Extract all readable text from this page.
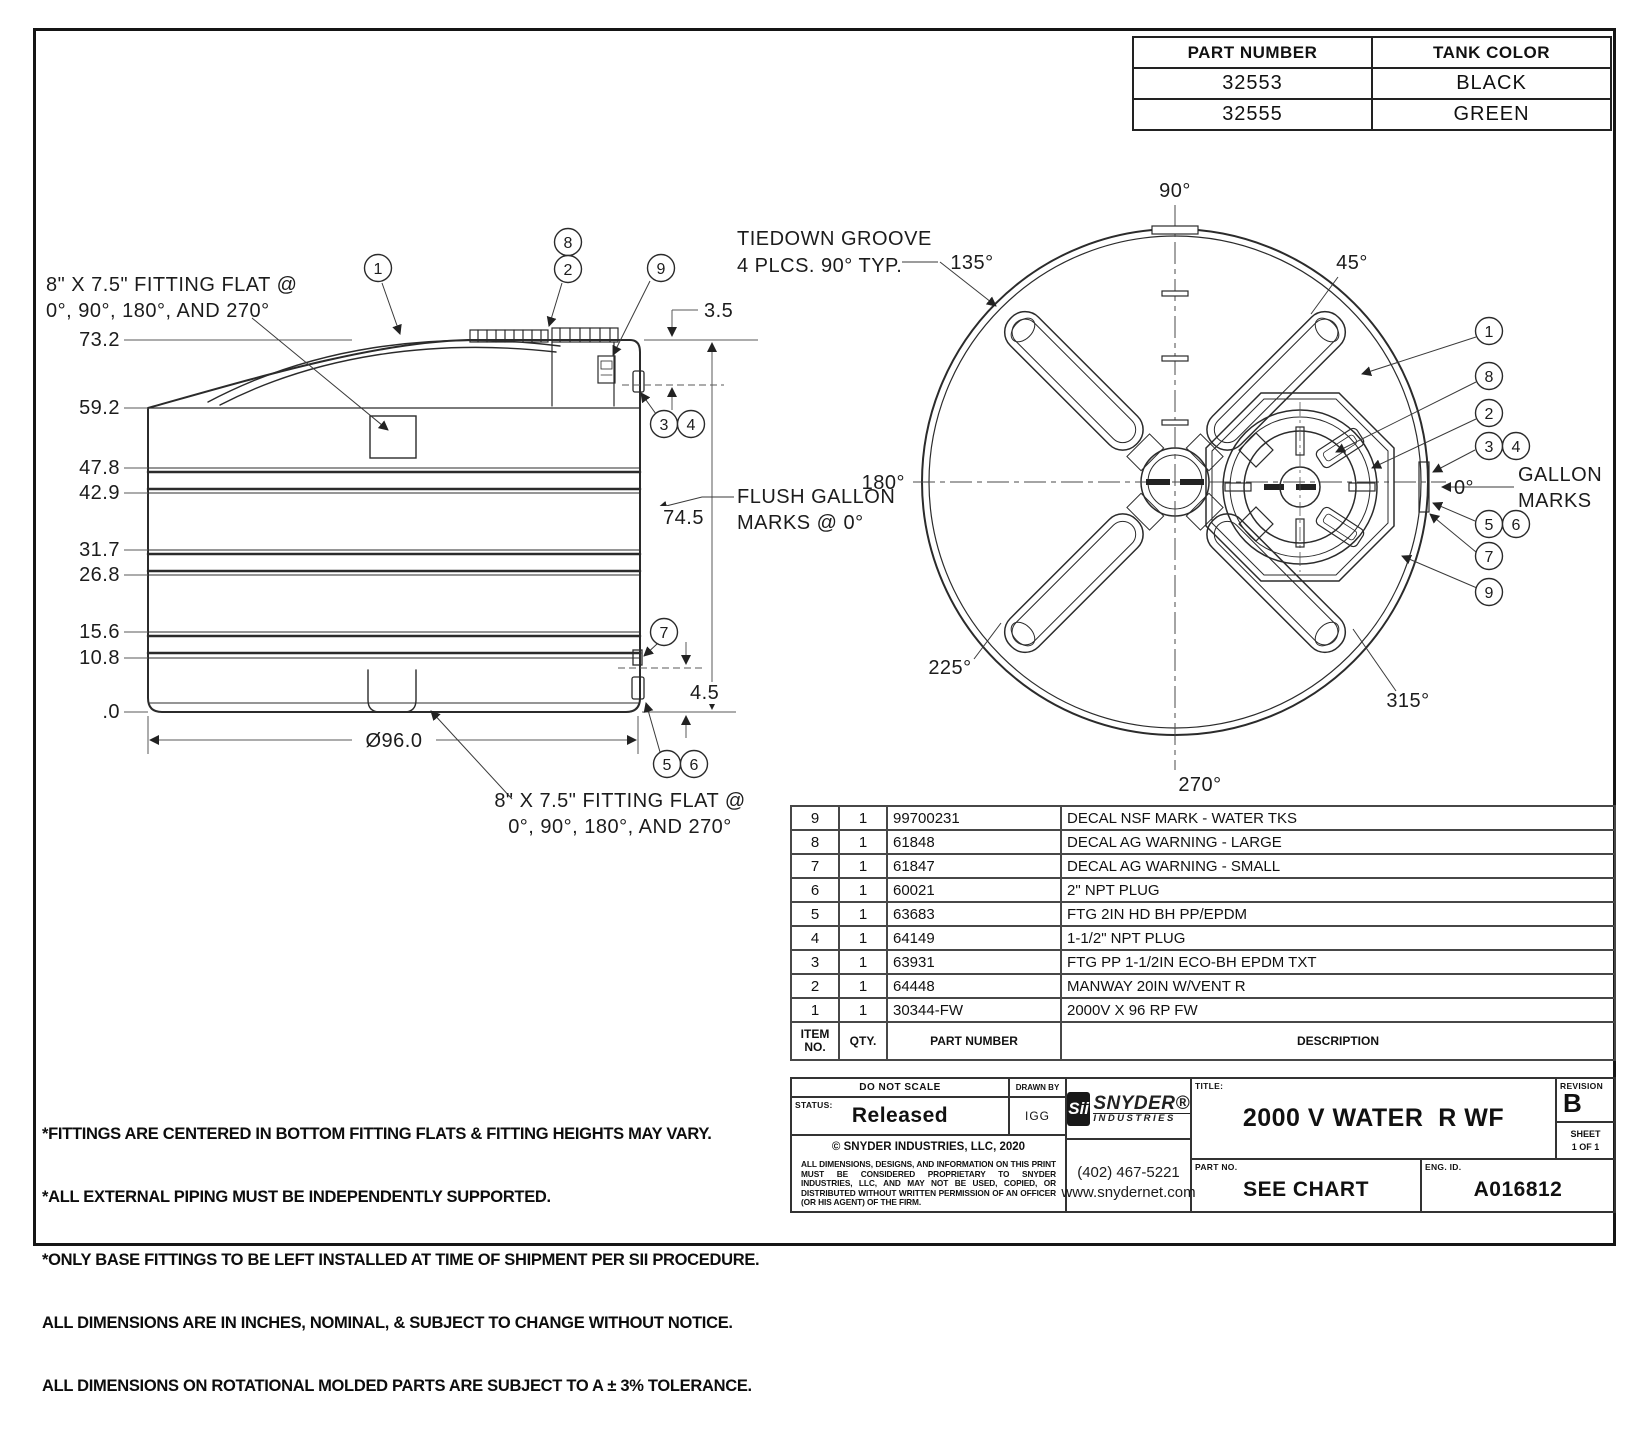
PART NUMBER	TANK COLOR
32553	BLACK
32555	GREEN
8" X 7.5" FITTING FLAT @
0°, 90°, 180°, AND 270°
73.2
59.2
47.8
42.9
31.7
26.8
15.6
10.8
.0
Ø96.0
74.5
3.5
4.5
FLUSH GALLON
MARKS @ 0°
TIEDOWN GROOVE
4 PLCS. 90° TYP.
8" X 7.5" FITTING FLAT @
0°, 90°, 180°, AND 270°
90°
45°
135°
180°	0°
225°
270°
315°
GALLON
MARKS
1
8
2	9
3 4
7
5 6
1
8
2
3 4
5 6
7
9
9	1	99700231	DECAL NSF MARK - WATER TKS
8	1	61848	DECAL AG WARNING - LARGE
7	1	61847	DECAL AG WARNING - SMALL
6	1	60021	2" NPT PLUG
5	1	63683	FTG 2IN HD BH PP/EPDM
4	1	64149	1-1/2" NPT PLUG
3	1	63931	FTG PP 1-1/2IN ECO-BH EPDM TXT
2	1	64448	MANWAY 20IN W/VENT R
1	1	30344-FW	2000V X 96 RP FW
ITEM NO.	QTY.	PART NUMBER	DESCRIPTION
DO NOT SCALE	DRAWN BY
STATUS: Released	IGG
© SNYDER INDUSTRIES, LLC, 2020
ALL DIMENSIONS, DESIGNS, AND INFORMATION ON THIS PRINT MUST BE CONSIDERED PROPRIETARY TO SNYDER INDUSTRIES, LLC, AND MAY NOT BE USED, COPIED, OR DISTRIBUTED WITHOUT WRITTEN PERMISSION OF AN OFFICER (OR HIS AGENT) OF THE FIRM.
Sii SNYDER®
INDUSTRIES
(402) 467-5221
www.snydernet.com
TITLE:
2000 V WATER  R WF
REVISION
B
SHEET
1 OF 1
PART NO.
SEE CHART
ENG. ID.
A016812

*FITTINGS ARE CENTERED IN BOTTOM FITTING FLATS & FITTING HEIGHTS MAY VARY.

*ALL EXTERNAL PIPING MUST BE INDEPENDENTLY SUPPORTED.

*ONLY BASE FITTINGS TO BE LEFT INSTALLED AT TIME OF SHIPMENT PER SII PROCEDURE.

ALL DIMENSIONS ARE IN INCHES, NOMINAL, & SUBJECT TO CHANGE WITHOUT NOTICE.

ALL DIMENSIONS ON ROTATIONAL MOLDED PARTS ARE SUBJECT TO A ± 3% TOLERANCE.
